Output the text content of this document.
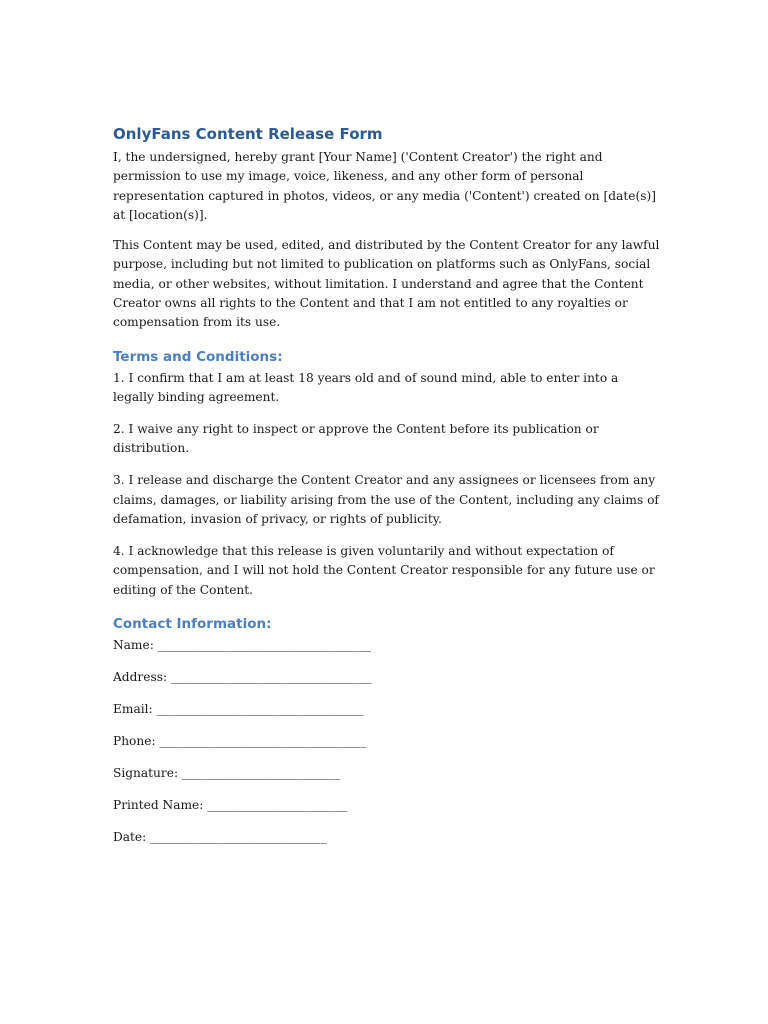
OnlyFans Content Release Form

I, the undersigned, hereby grant [Your Name] ('Content Creator') the right and permission to use my image, voice, likeness, and any other form of personal representation captured in photos, videos, or any media ('Content') created on [date(s)] at [location(s)].

This Content may be used, edited, and distributed by the Content Creator for any lawful purpose, including but not limited to publication on platforms such as OnlyFans, social media, or other websites, without limitation. I understand and agree that the Content Creator owns all rights to the Content and that I am not entitled to any royalties or compensation from its use.

Terms and Conditions:

1. I confirm that I am at least 18 years old and of sound mind, able to enter into a legally binding agreement.

2. I waive any right to inspect or approve the Content before its publication or distribution.

3. I release and discharge the Content Creator and any assignees or licensees from any claims, damages, or liability arising from the use of the Content, including any claims of defamation, invasion of privacy, or rights of publicity.

4. I acknowledge that this release is given voluntarily and without expectation of compensation, and I will not hold the Content Creator responsible for any future use or editing of the Content.

Contact Information:
Name: ___________________________________
Address: _________________________________
Email: __________________________________
Phone: __________________________________
Signature: __________________________
Printed Name: _______________________
Date: _____________________________
